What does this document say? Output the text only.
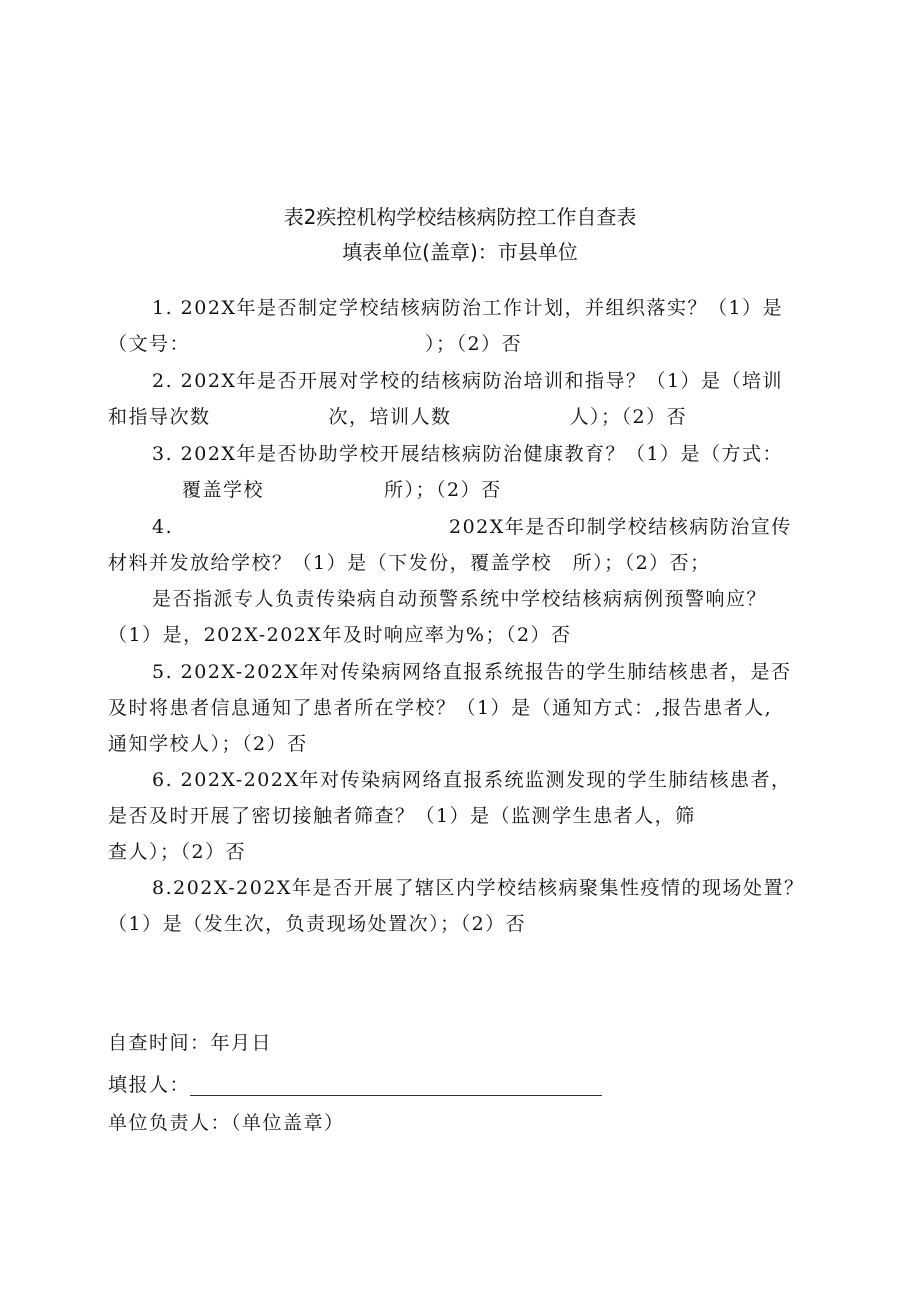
表2疾控机构学校结核病防控工作自查表
填表单位(盖章)：市县单位
1. 202X年是否制定学校结核病防治工作计划，并组织落实？（1）是
（文号：	）；（2）否
2. 202X年是否开展对学校的结核病防治培训和指导？（1）是（培训
和指导次数	次，培训人数	人）；（2）否
3. 202X年是否协助学校开展结核病防治健康教育？（1）是（方式：
覆盖学校	所）；（2）否
4.	202X年是否印制学校结核病防治宣传
材料并发放给学校？（1）是（下发份，覆盖学校　所）；（2）否；
是否指派专人负责传染病自动预警系统中学校结核病病例预警响应？
（1）是，202X-202X年及时响应率为%；（2）否
5. 202X-202X年对传染病网络直报系统报告的学生肺结核患者，是否
及时将患者信息通知了患者所在学校？（1）是（通知方式：,报告患者人,
通知学校人）；（2）否
6. 202X-202X年对传染病网络直报系统监测发现的学生肺结核患者，
是否及时开展了密切接触者筛查？（1）是（监测学生患者人，筛
查人）；（2）否
8.202X-202X年是否开展了辖区内学校结核病聚集性疫情的现场处置？
（1）是（发生次，负责现场处置次）；（2）否
自查时间：年月日
填报人：
单位负责人：（单位盖章）
